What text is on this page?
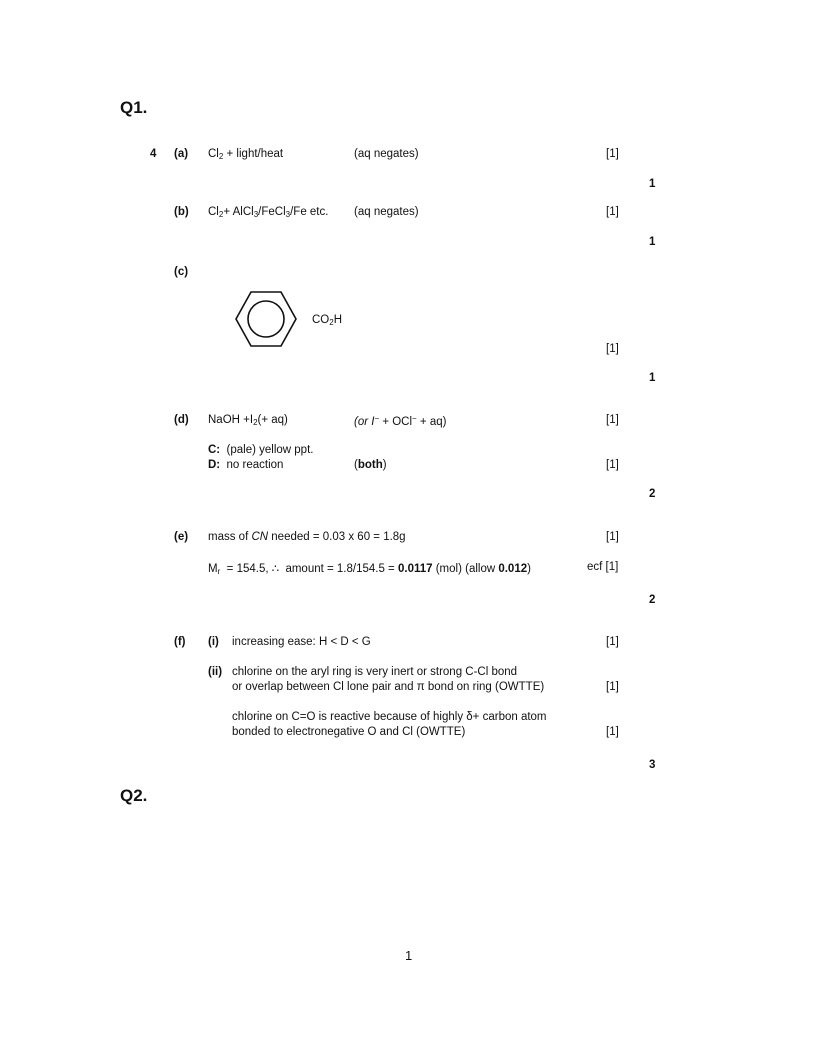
Q1.
4 (a) $Cl_2$ + light/heat	(aq negates)	[1]
1
(b) $Cl_2+$ AlCl$_3$/FeCl$_3$/Fe etc. (aq negates)	[1]
1
(c)
$CO_2H$
[1]
1
(d) NaOH $+I_2(+ aq)$	(or I− + OCl− + aq)	[1]
C: (pale) yellow ppt.
D: no reaction	(both)	[1]
2
(e) mass of CN needed = 0.03 x 60 = 1.8g	[1]
$M_r = 154.5$, ∴  amount = 1.8/154.5 = 0.0117 (mol) (allow 0.012)	ecf [1]
2
(f) (i) increasing ease: H < D < G	[1]
(ii) chlorine on the aryl ring is very inert or strong C-Cl bond
or overlap between Cl lone pair and π bond on ring (OWTTE)	[1]
chlorine on C=O is reactive because of highly δ+ carbon atom
bonded to electronegative O and Cl (OWTTE)	[1]
3
Q2.
1
